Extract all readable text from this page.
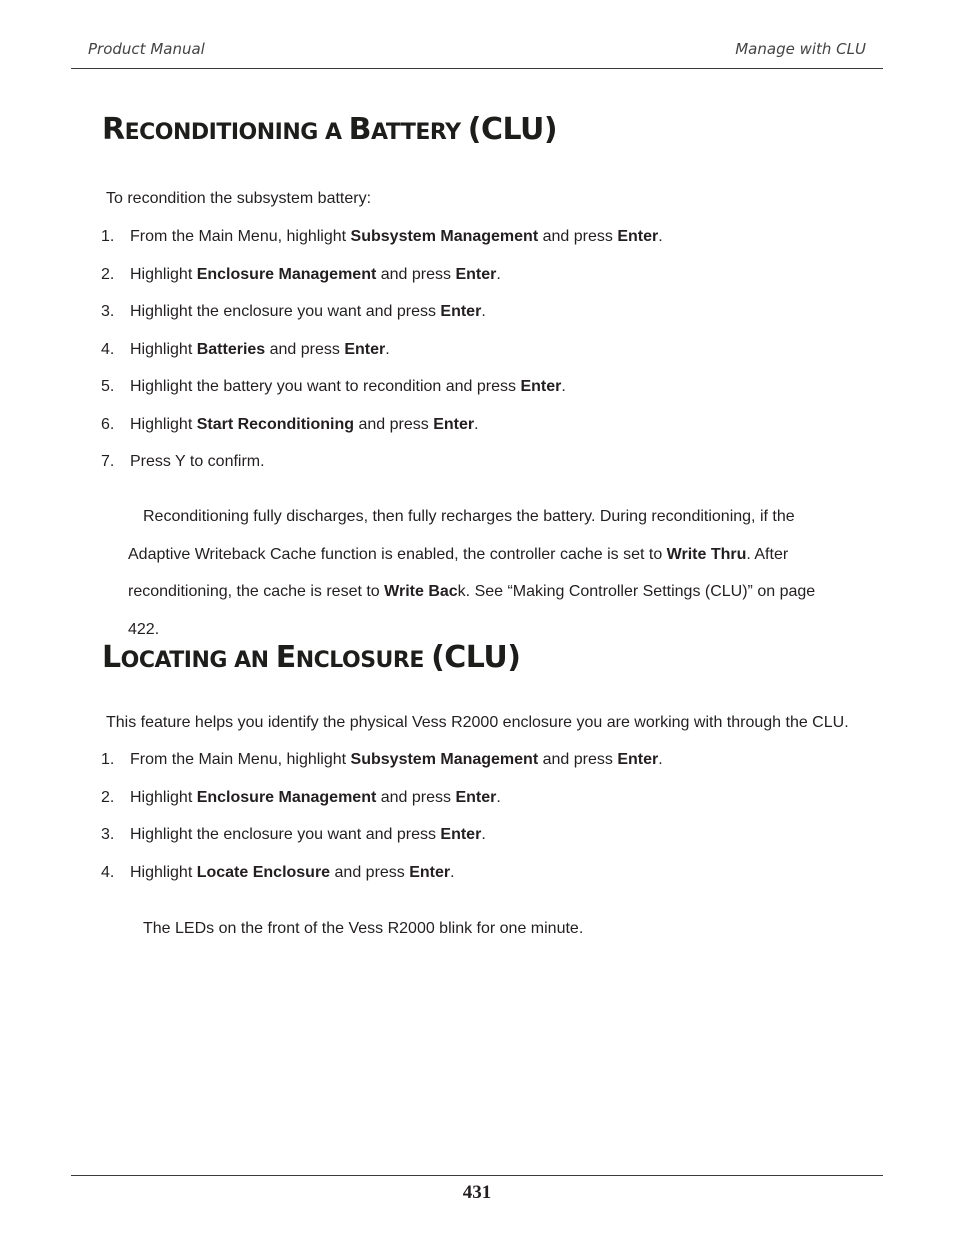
Product Manual	Manage with CLU
RECONDITIONING A BATTERY (CLU)
To recondition the subsystem battery:
1. From the Main Menu, highlight Subsystem Management and press Enter.
2. Highlight Enclosure Management and press Enter.
3. Highlight the enclosure you want and press Enter.
4. Highlight Batteries and press Enter.
5. Highlight the battery you want to recondition and press Enter.
6. Highlight Start Reconditioning and press Enter.
7. Press Y to confirm.
Reconditioning fully discharges, then fully recharges the battery. During reconditioning, if the Adaptive Writeback Cache function is enabled, the controller cache is set to Write Thru. After reconditioning, the cache is reset to Write Back. See “Making Controller Settings (CLU)” on page 422.
LOCATING AN ENCLOSURE (CLU)
This feature helps you identify the physical Vess R2000 enclosure you are working with through the CLU.
1. From the Main Menu, highlight Subsystem Management and press Enter.
2. Highlight Enclosure Management and press Enter.
3. Highlight the enclosure you want and press Enter.
4. Highlight Locate Enclosure and press Enter.
The LEDs on the front of the Vess R2000 blink for one minute.
431
